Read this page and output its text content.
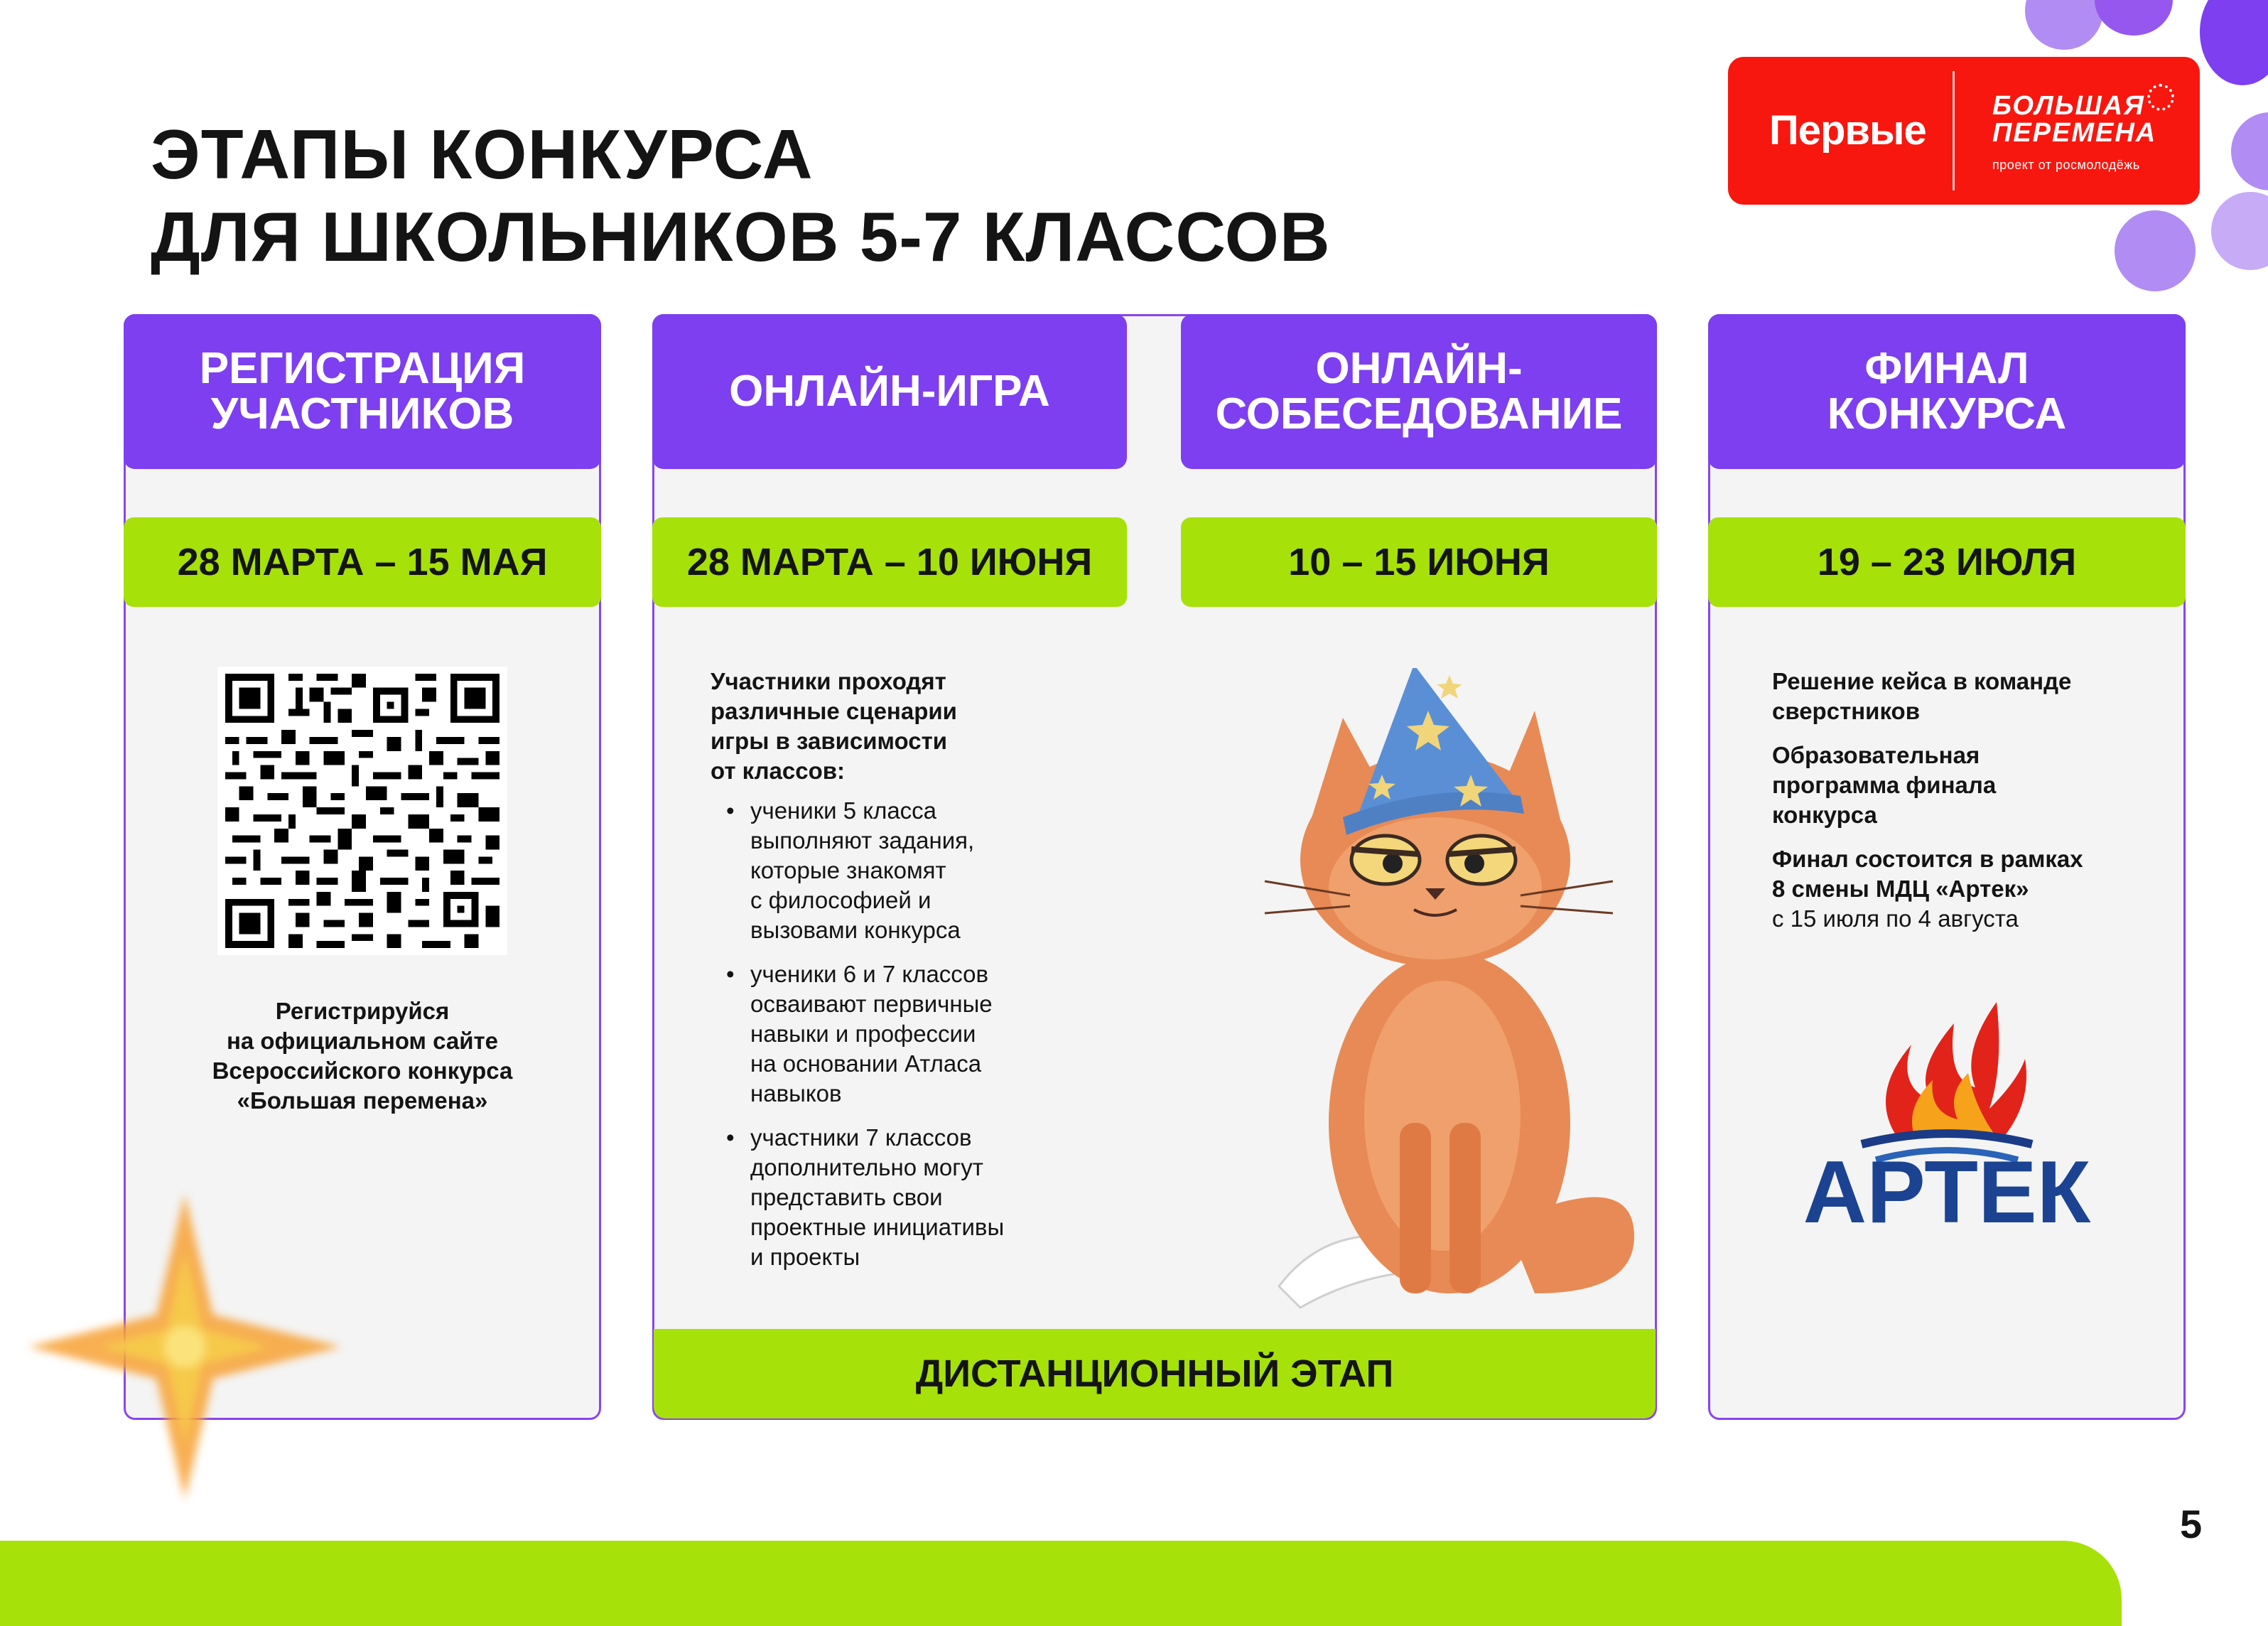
ЭТАПЫ КОНКУРСА
ДЛЯ ШКОЛЬНИКОВ 5-7 КЛАССОВ
Первые
БОЛЬШАЯ
ПЕРЕМЕНА
проект от росмолодёжь
РЕГИСТРАЦИЯ
УЧАСТНИКОВ	ОНЛАЙН-ИГРА	ОНЛАЙН-
СОБЕСЕДОВАНИЕ
ФИНАЛ
КОНКУРСА
28 МАРТА – 15 МАЯ	28 МАРТА – 10 ИЮНЯ	10 – 15 ИЮНЯ	19 – 23 ИЮЛЯ
Регистрируйся
на официальном сайте
Всероссийского конкурса
«Большая перемена»
Участники проходят
различные сценарии
игры в зависимости
от классов:
• ученики 5 класса
выполняют задания,
которые знакомят
с философией и
вызовами конкурса
• ученики 6 и 7 классов
осваивают первичные
навыки и профессии
на основании Атласа
навыков
• участники 7 классов
дополнительно могут
представить свои
проектные инициативы
и проекты
ДИСТАНЦИОННЫЙ ЭТАП

Решение кейса в команде
сверстников

Образовательная
программа финала
конкурса

Финал состоится в рамках
8 смены МДЦ «Артек»
с 15 июля по 4 августа

АРТЕК
5
